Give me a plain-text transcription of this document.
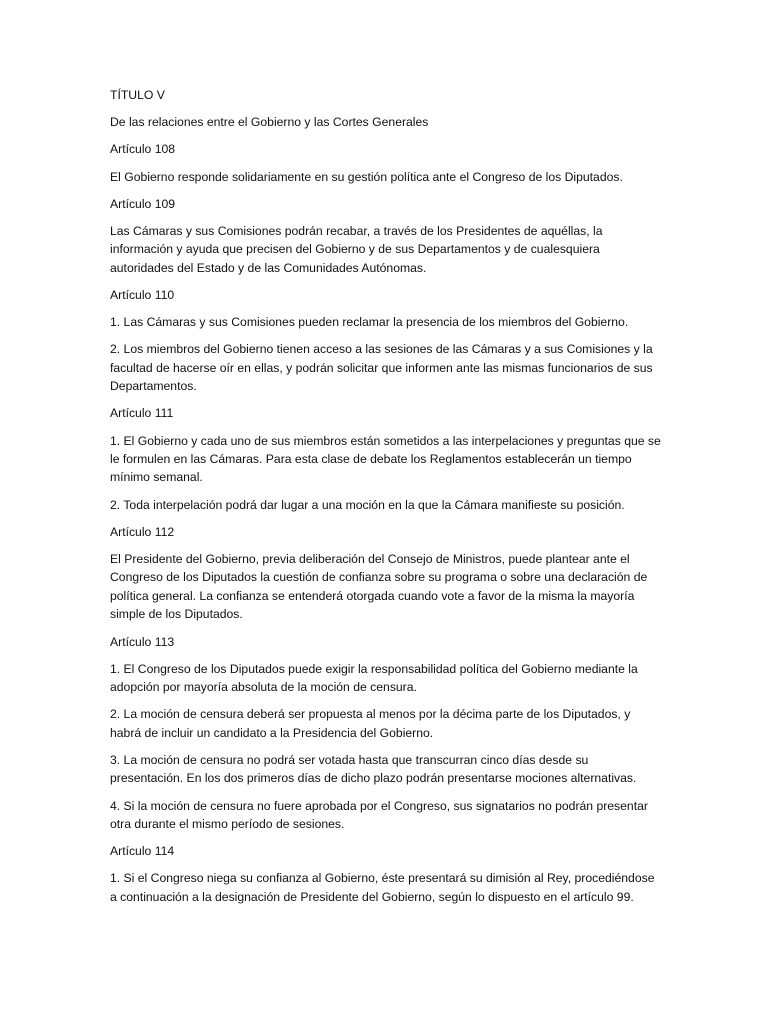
TÍTULO V

De las relaciones entre el Gobierno y las Cortes Generales

Artículo 108

El Gobierno responde solidariamente en su gestión política ante el Congreso de los Diputados.

Artículo 109

Las Cámaras y sus Comisiones podrán recabar, a través de los Presidentes de aquéllas, la información y ayuda que precisen del Gobierno y de sus Departamentos y de cualesquiera autoridades del Estado y de las Comunidades Autónomas.

Artículo 110

1. Las Cámaras y sus Comisiones pueden reclamar la presencia de los miembros del Gobierno.

2. Los miembros del Gobierno tienen acceso a las sesiones de las Cámaras y a sus Comisiones y la facultad de hacerse oír en ellas, y podrán solicitar que informen ante las mismas funcionarios de sus Departamentos.

Artículo 111

1. El Gobierno y cada uno de sus miembros están sometidos a las interpelaciones y preguntas que se le formulen en las Cámaras. Para esta clase de debate los Reglamentos establecerán un tiempo mínimo semanal.

2. Toda interpelación podrá dar lugar a una moción en la que la Cámara manifieste su posición.

Artículo 112

El Presidente del Gobierno, previa deliberación del Consejo de Ministros, puede plantear ante el Congreso de los Diputados la cuestión de confianza sobre su programa o sobre una declaración de política general. La confianza se entenderá otorgada cuando vote a favor de la misma la mayoría simple de los Diputados.

Artículo 113

1. El Congreso de los Diputados puede exigir la responsabilidad política del Gobierno mediante la adopción por mayoría absoluta de la moción de censura.

2. La moción de censura deberá ser propuesta al menos por la décima parte de los Diputados, y habrá de incluir un candidato a la Presidencia del Gobierno.

3. La moción de censura no podrá ser votada hasta que transcurran cinco días desde su presentación. En los dos primeros días de dicho plazo podrán presentarse mociones alternativas.

4. Si la moción de censura no fuere aprobada por el Congreso, sus signatarios no podrán presentar otra durante el mismo período de sesiones.

Artículo 114

1. Si el Congreso niega su confianza al Gobierno, éste presentará su dimisión al Rey, procediéndose a continuación a la designación de Presidente del Gobierno, según lo dispuesto en el artículo 99.
